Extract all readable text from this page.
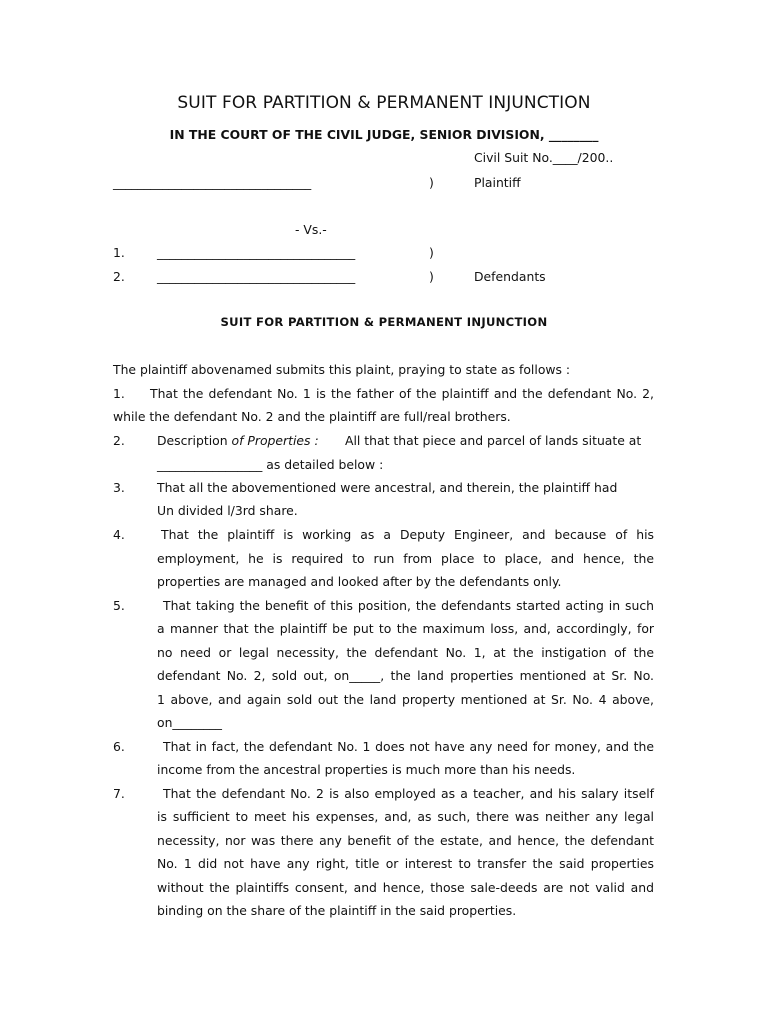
SUIT FOR PARTITION & PERMANENT INJUNCTION
IN THE COURT OF THE CIVIL JUDGE, SENIOR DIVISION, ________
Civil Suit No.____/200..
________________________________	)	Plaintiff
- Vs.-
1.	________________________________	)
2.	________________________________	)	Defendants
SUIT FOR PARTITION & PERMANENT INJUNCTION
The plaintiff abovenamed submits this plaint, praying to state as follows :
1. That the defendant No. 1 is the father of the plaintiff and the defendant No. 2,
while the defendant No. 2 and the plaintiff are full/real brothers.
2.	Description of Properties : All that that piece and parcel of lands situate at
_________________ as detailed below :
3.	That all the abovementioned were ancestral, and therein, the plaintiff had
Un divided l/3rd share.
4.	That the plaintiff is working as a Deputy Engineer, and because of his
employment, he is required to run from place to place, and hence, the
properties are managed and looked after by the defendants only.
5.	That taking the benefit of this position, the defendants started acting in such
a manner that the plaintiff be put to the maximum loss, and, accordingly, for
no need or legal necessity, the defendant No. 1, at the instigation of the
defendant No. 2, sold out, on_____, the land properties mentioned at Sr. No.
1 above, and again sold out the land property mentioned at Sr. No. 4 above,
on________
6.	That in fact, the defendant No. 1 does not have any need for money, and the
income from the ancestral properties is much more than his needs.
7.	That the defendant No. 2 is also employed as a teacher, and his salary itself
is sufficient to meet his expenses, and, as such, there was neither any legal
necessity, nor was there any benefit of the estate, and hence, the defendant
No. 1 did not have any right, title or interest to transfer the said properties
without the plaintiffs consent, and hence, those sale-deeds are not valid and
binding on the share of the plaintiff in the said properties.
